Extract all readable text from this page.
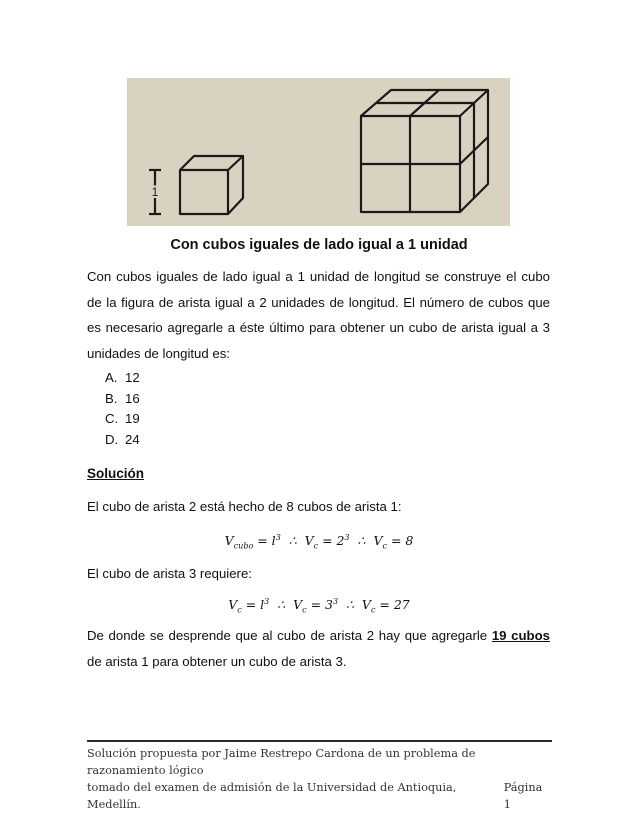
1
Con cubos iguales de lado igual a 1 unidad
Con cubos iguales de lado igual a 1 unidad de longitud se construye el cubo de la figura de arista igual a 2 unidades de longitud. El número de cubos que es necesario agregarle a éste último para obtener un cubo de arista igual a 3 unidades de longitud es:
A. 12
B. 16
C. 19
D. 24
Solución
El cubo de arista 2 está hecho de 8 cubos de arista 1:
$V_{cubo} = l^3$  ∴  $V_c = 2^3$  ∴  $V_c = 8$
El cubo de arista 3 requiere:
$V_c = l^3$  ∴  $V_c = 3^3$  ∴  $V_c = 27$
De donde se desprende que al cubo de arista 2 hay que agregarle 19 cubos de arista 1 para obtener un cubo de arista 3.
Solución propuesta por Jaime Restrepo Cardona de un problema de razonamiento lógico
tomado del examen de admisión de la Universidad de Antioquia, Medellín.
Página 1
